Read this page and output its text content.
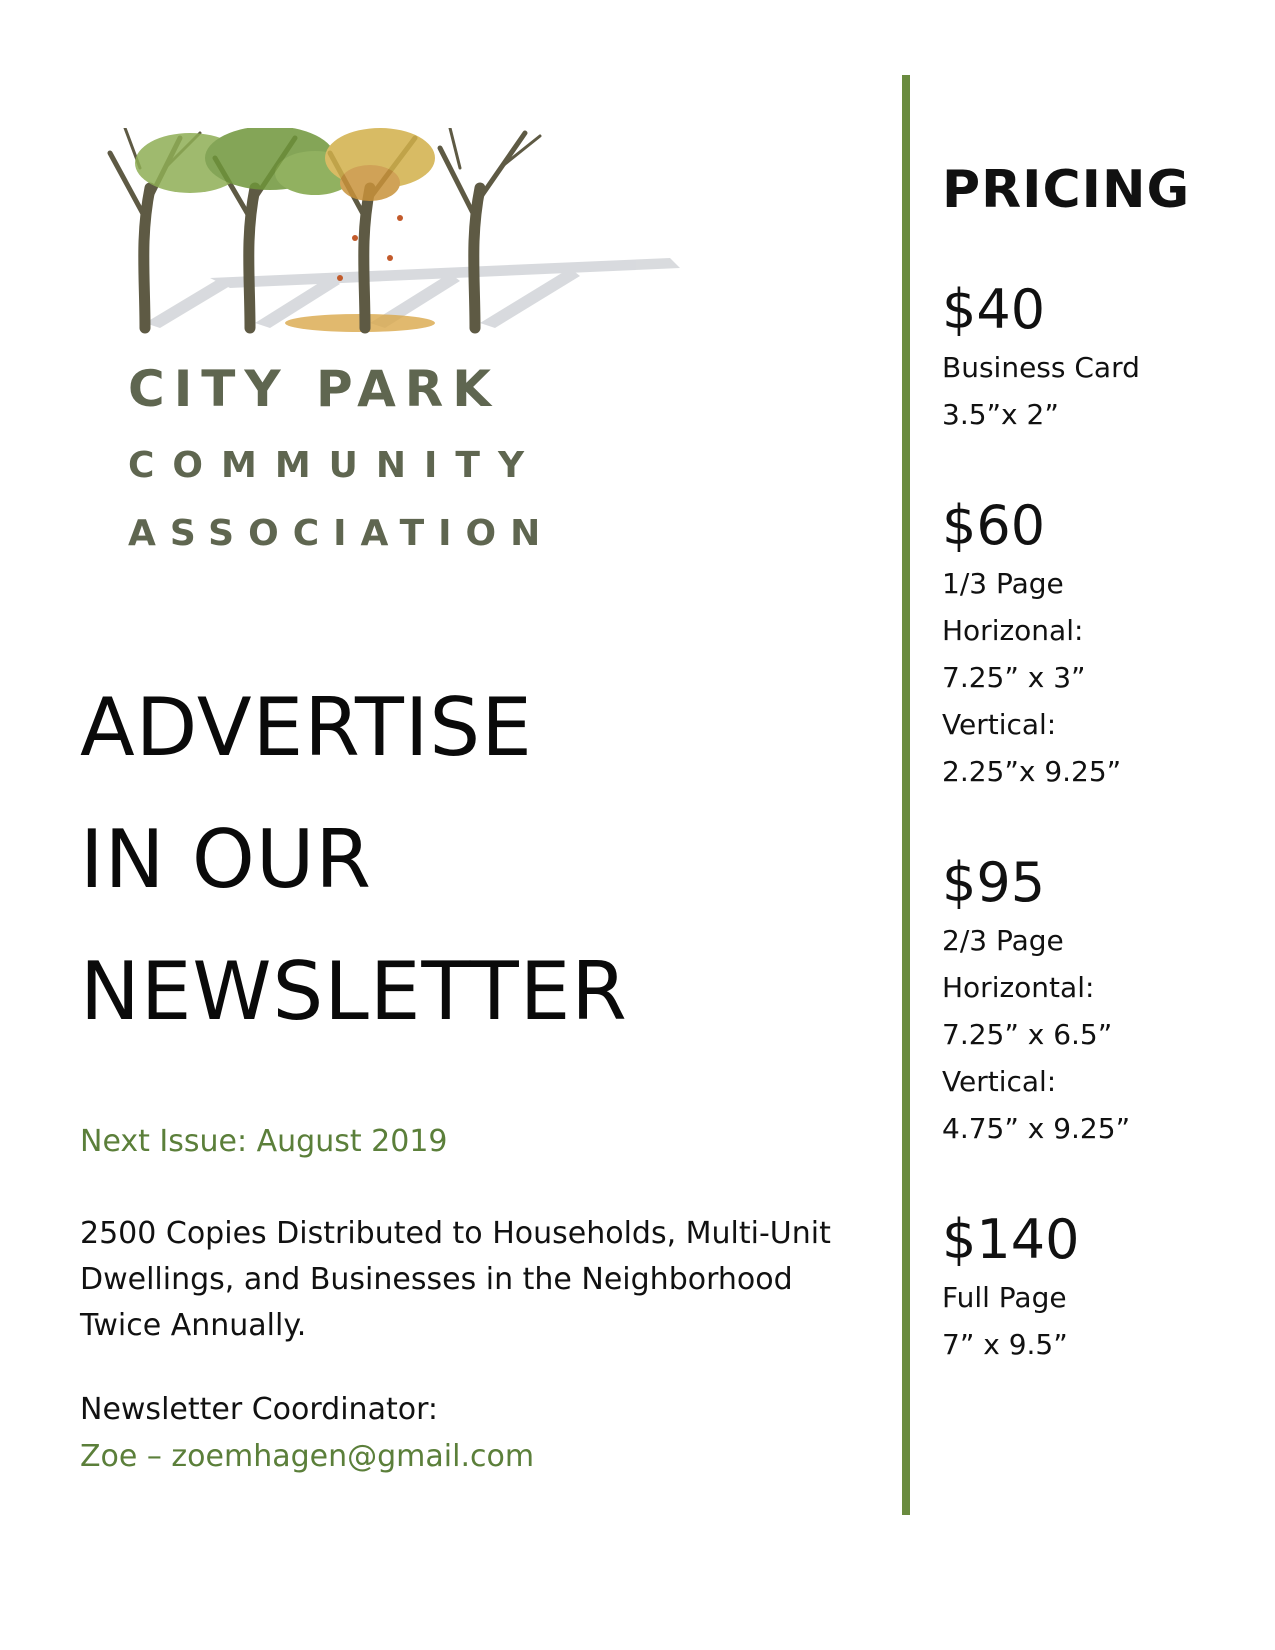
CITY PARK

COMMUNITY

ASSOCIATION

ADVERTISE
IN OUR
NEWSLETTER

Next Issue: August 2019

2500 Copies Distributed to Households, Multi-Unit Dwellings, and Businesses in the Neighborhood Twice Annually.

Newsletter Coordinator:

Zoe – zoemhagen@gmail.com

PRICING
$40
Business Card
3.5”x 2”
$60
1/3 Page
Horizonal:
7.25” x 3”
Vertical:
2.25”x 9.25”
$95
2/3 Page
Horizontal:
7.25” x 6.5”
Vertical:
4.75” x 9.25”
$140
Full Page
7” x 9.5”
